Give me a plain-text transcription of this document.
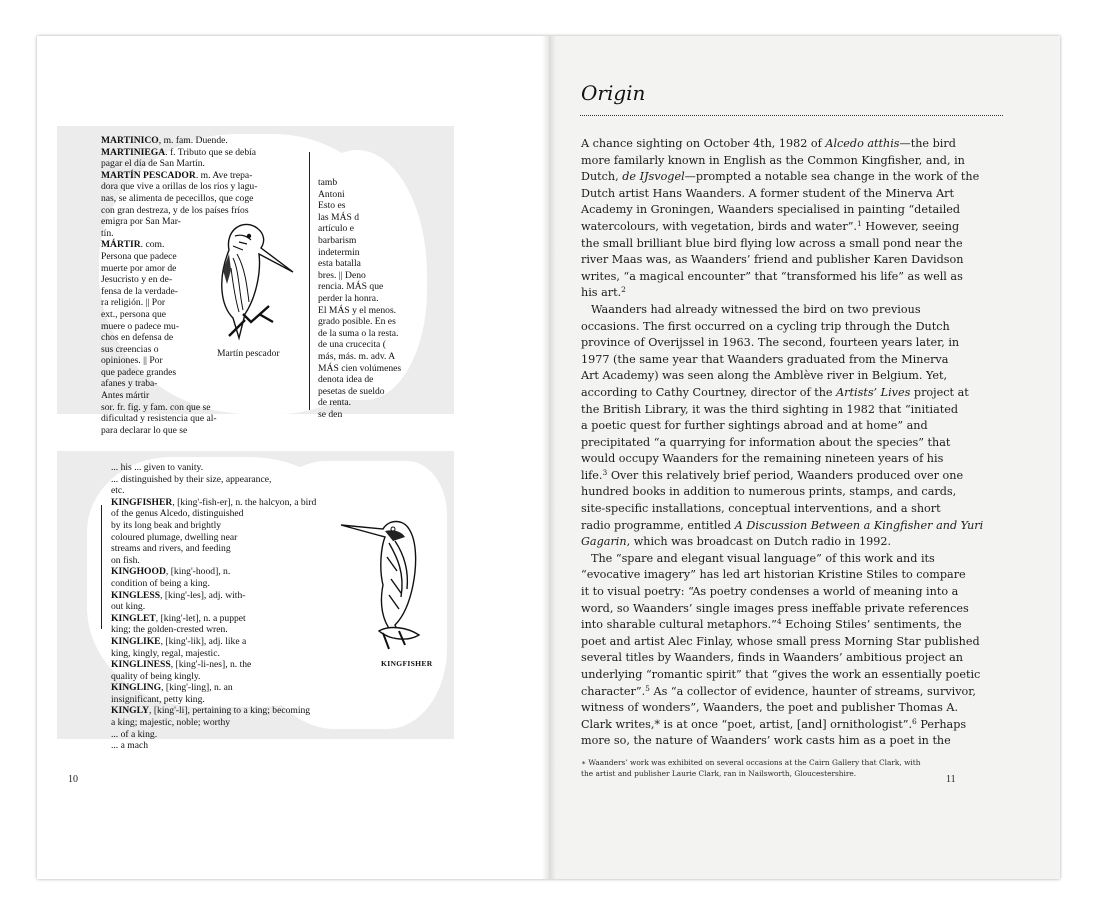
MARTINICO, m. fam. Duende.
MARTINIEGA. f. Tributo que se debía
pagar el día de San Martín.
MARTÍN PESCADOR. m. Ave trepa-
dora que vive a orillas de los ríos y lagu-
nas, se alimenta de pececillos, que coge
con gran destreza, y de los países fríos
emigra por San Mar-
tín.
MÁRTIR. com.
Persona que padece
muerte por amor de
Jesucristo y en de-
fensa de la verdade-
ra religión. || Por
ext., persona que
muere o padece mu-
chos en defensa de
sus creencias o
opiniones. || Por
que padece grandes
afanes y traba-
Antes mártir
sor. fr. fig. y fam. con que se
dificultad y resistencia que al-
para declarar lo que se
tamb
Antoni
Esto es
las MÁS d
artículo e
barbarism
indetermin
esta batalla
bres. || Deno
rencia. MÁS que
perder la honra.
El MÁS y el menos.
grado posible. En es
de la suma o la resta.
de una crucecita (
más, más. m. adv. A
MÁS cien volúmenes
denota idea de
pesetas de sueldo
de renta.
se den
Martín pescador
... his ... given to vanity.
... distinguished by their size, appearance,
etc.
KINGFISHER, [king'-fish-er], n. the halcyon, a bird
of the genus Alcedo, distinguished
by its long beak and brightly
coloured plumage, dwelling near
streams and rivers, and feeding
on fish.
KINGHOOD, [king'-hood], n.
condition of being a king.
KINGLESS, [king'-les], adj. with-
out king.
KINGLET, [king'-let], n. a puppet
king; the golden-crested wren.
KINGLIKE, [king'-lik], adj. like a
king, kingly, regal, majestic.
KINGLINESS, [king'-li-nes], n. the
quality of being kingly.
KINGLING, [king'-ling], n. an
insignificant, petty king.
KINGLY, [king'-li], pertaining to a king; becoming
a king; majestic, noble; worthy
... of a king.
... a mach
KINGFISHER
10	11
Origin
A chance sighting on October 4th, 1982 of Alcedo atthis—the bird
more familarly known in English as the Common Kingfisher, and, in
Dutch, de IJsvogel—prompted a notable sea change in the work of the
Dutch artist Hans Waanders. A former student of the Minerva Art
Academy in Groningen, Waanders specialised in painting “detailed
watercolours, with vegetation, birds and water”.$^1$ However, seeing
the small brilliant blue bird flying low across a small pond near the
river Maas was, as Waanders’ friend and publisher Karen Davidson
writes, “a magical encounter” that “transformed his life” as well as
his art.$^2$
Waanders had already witnessed the bird on two previous
occasions. The first occurred on a cycling trip through the Dutch
province of Overijssel in 1963. The second, fourteen years later, in
1977 (the same year that Waanders graduated from the Minerva
Art Academy) was seen along the Amblève river in Belgium. Yet,
according to Cathy Courtney, director of the Artists’ Lives project at
the British Library, it was the third sighting in 1982 that “initiated
a poetic quest for further sightings abroad and at home” and
precipitated “a quarrying for information about the species” that
would occupy Waanders for the remaining nineteen years of his
life.$^3$ Over this relatively brief period, Waanders produced over one
hundred books in addition to numerous prints, stamps, and cards,
site-specific installations, conceptual interventions, and a short
radio programme, entitled A Discussion Between a Kingfisher and Yuri
Gagarin, which was broadcast on Dutch radio in 1992.
The “spare and elegant visual language” of this work and its
“evocative imagery” has led art historian Kristine Stiles to compare
it to visual poetry: “As poetry condenses a world of meaning into a
word, so Waanders’ single images press ineffable private references
into sharable cultural metaphors.”$^4$ Echoing Stiles’ sentiments, the
poet and artist Alec Finlay, whose small press Morning Star published
several titles by Waanders, finds in Waanders’ ambitious project an
underlying “romantic spirit” that “gives the work an essentially poetic
character”.$^5$ As “a collector of evidence, haunter of streams, survivor,
witness of wonders”, Waanders, the poet and publisher Thomas A.
Clark writes,* is at once “poet, artist, [and] ornithologist”.$^6$ Perhaps
more so, the nature of Waanders’ work casts him as a poet in the
∗ Waanders’ work was exhibited on several occasions at the Cairn Gallery that Clark, with
the artist and publisher Laurie Clark, ran in Nailsworth, Gloucestershire.
